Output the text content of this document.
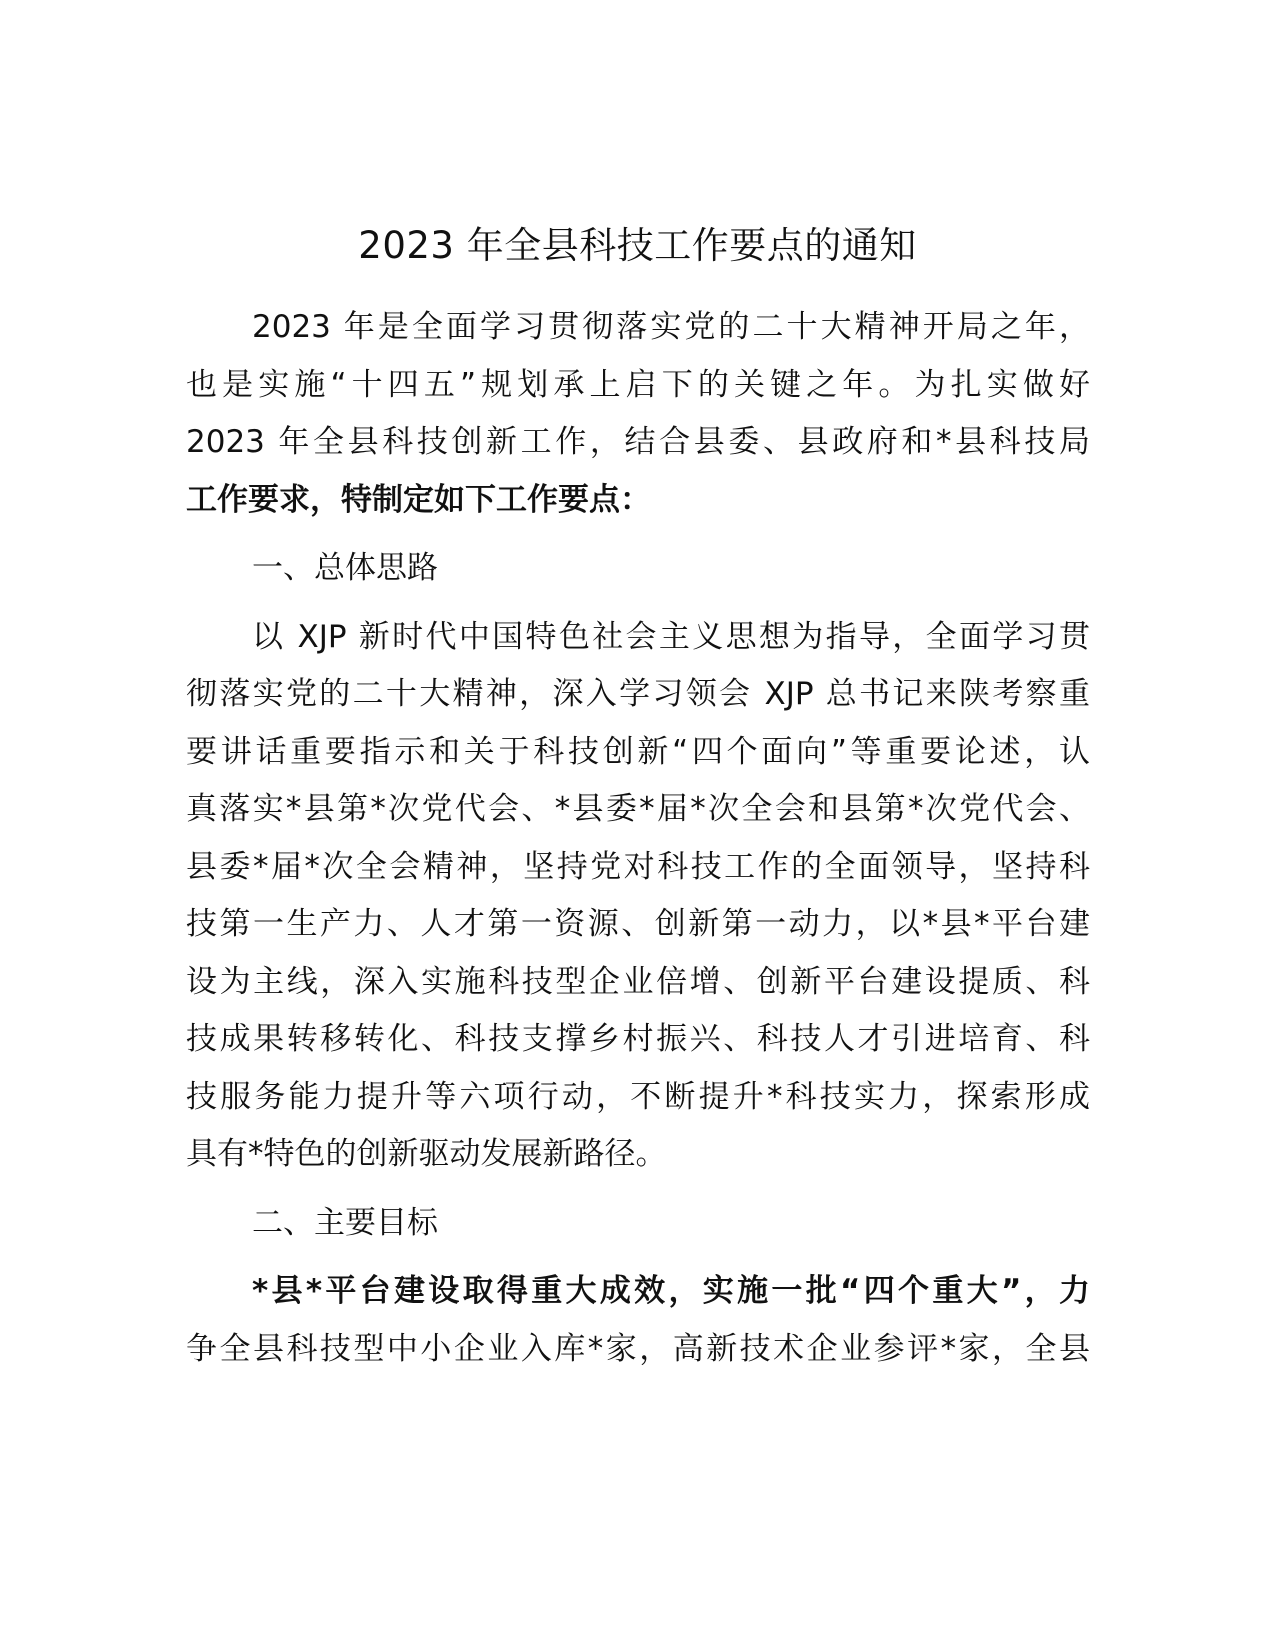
2023 年全县科技工作要点的通知
2023 年是全面学习贯彻落实党的二十大精神开局之年，
也是实施“十四五”规划承上启下的关键之年。为扎实做好
2023 年全县科技创新工作，结合县委、县政府和*县科技局
工作要求，特制定如下工作要点：
一、总体思路
以 XJP 新时代中国特色社会主义思想为指导，全面学习贯
彻落实党的二十大精神，深入学习领会 XJP 总书记来陕考察重
要讲话重要指示和关于科技创新“四个面向”等重要论述，认
真落实*县第*次党代会、*县委*届*次全会和县第*次党代会、
县委*届*次全会精神，坚持党对科技工作的全面领导，坚持科
技第一生产力、人才第一资源、创新第一动力，以*县*平台建
设为主线，深入实施科技型企业倍增、创新平台建设提质、科
技成果转移转化、科技支撑乡村振兴、科技人才引进培育、科
技服务能力提升等六项行动，不断提升*科技实力，探索形成
具有*特色的创新驱动发展新路径。
二、主要目标
*县*平台建设取得重大成效，实施一批“四个重大”，力
争全县科技型中小企业入库*家，高新技术企业参评*家，全县
